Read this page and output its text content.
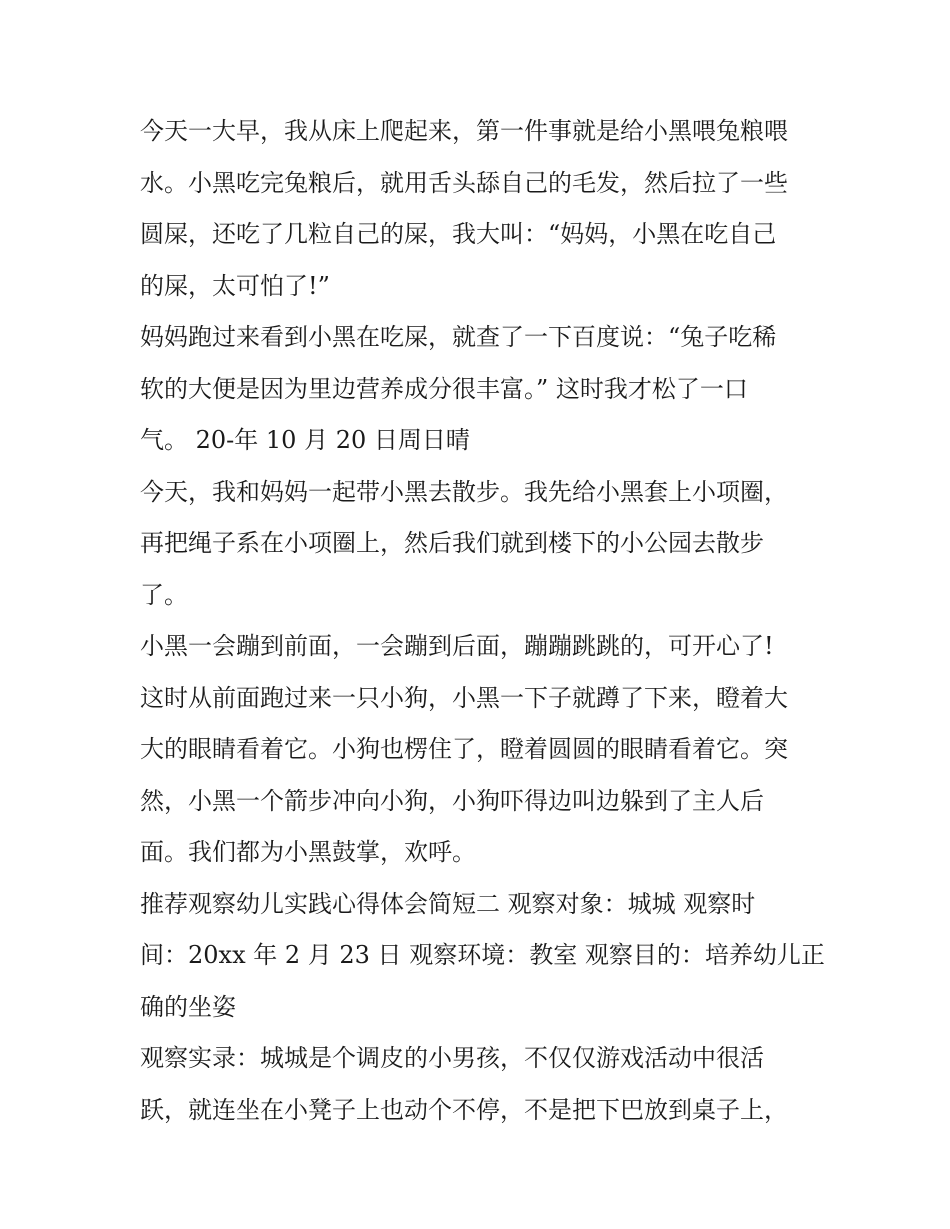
今天一大早，我从床上爬起来，第一件事就是给小黑喂兔粮喂
水。小黑吃完兔粮后，就用舌头舔自己的毛发，然后拉了一些
圆屎，还吃了几粒自己的屎，我大叫：“妈妈，小黑在吃自己
的屎，太可怕了!”
妈妈跑过来看到小黑在吃屎，就查了一下百度说：“兔子吃稀
软的大便是因为里边营养成分很丰富。” 这时我才松了一口
气。 20-年 10 月 20 日周日晴
今天，我和妈妈一起带小黑去散步。我先给小黑套上小项圈，
再把绳子系在小项圈上，然后我们就到楼下的小公园去散步
了。
小黑一会蹦到前面，一会蹦到后面，蹦蹦跳跳的，可开心了!
这时从前面跑过来一只小狗，小黑一下子就蹲了下来，瞪着大
大的眼睛看着它。小狗也楞住了，瞪着圆圆的眼睛看着它。突
然，小黑一个箭步冲向小狗，小狗吓得边叫边躲到了主人后
面。我们都为小黑鼓掌，欢呼。
推荐观察幼儿实践心得体会简短二 观察对象：城城 观察时
间：20xx 年 2 月 23 日 观察环境：教室 观察目的：培养幼儿正
确的坐姿
观察实录：城城是个调皮的小男孩，不仅仅游戏活动中很活
跃，就连坐在小凳子上也动个不停，不是把下巴放到桌子上，
